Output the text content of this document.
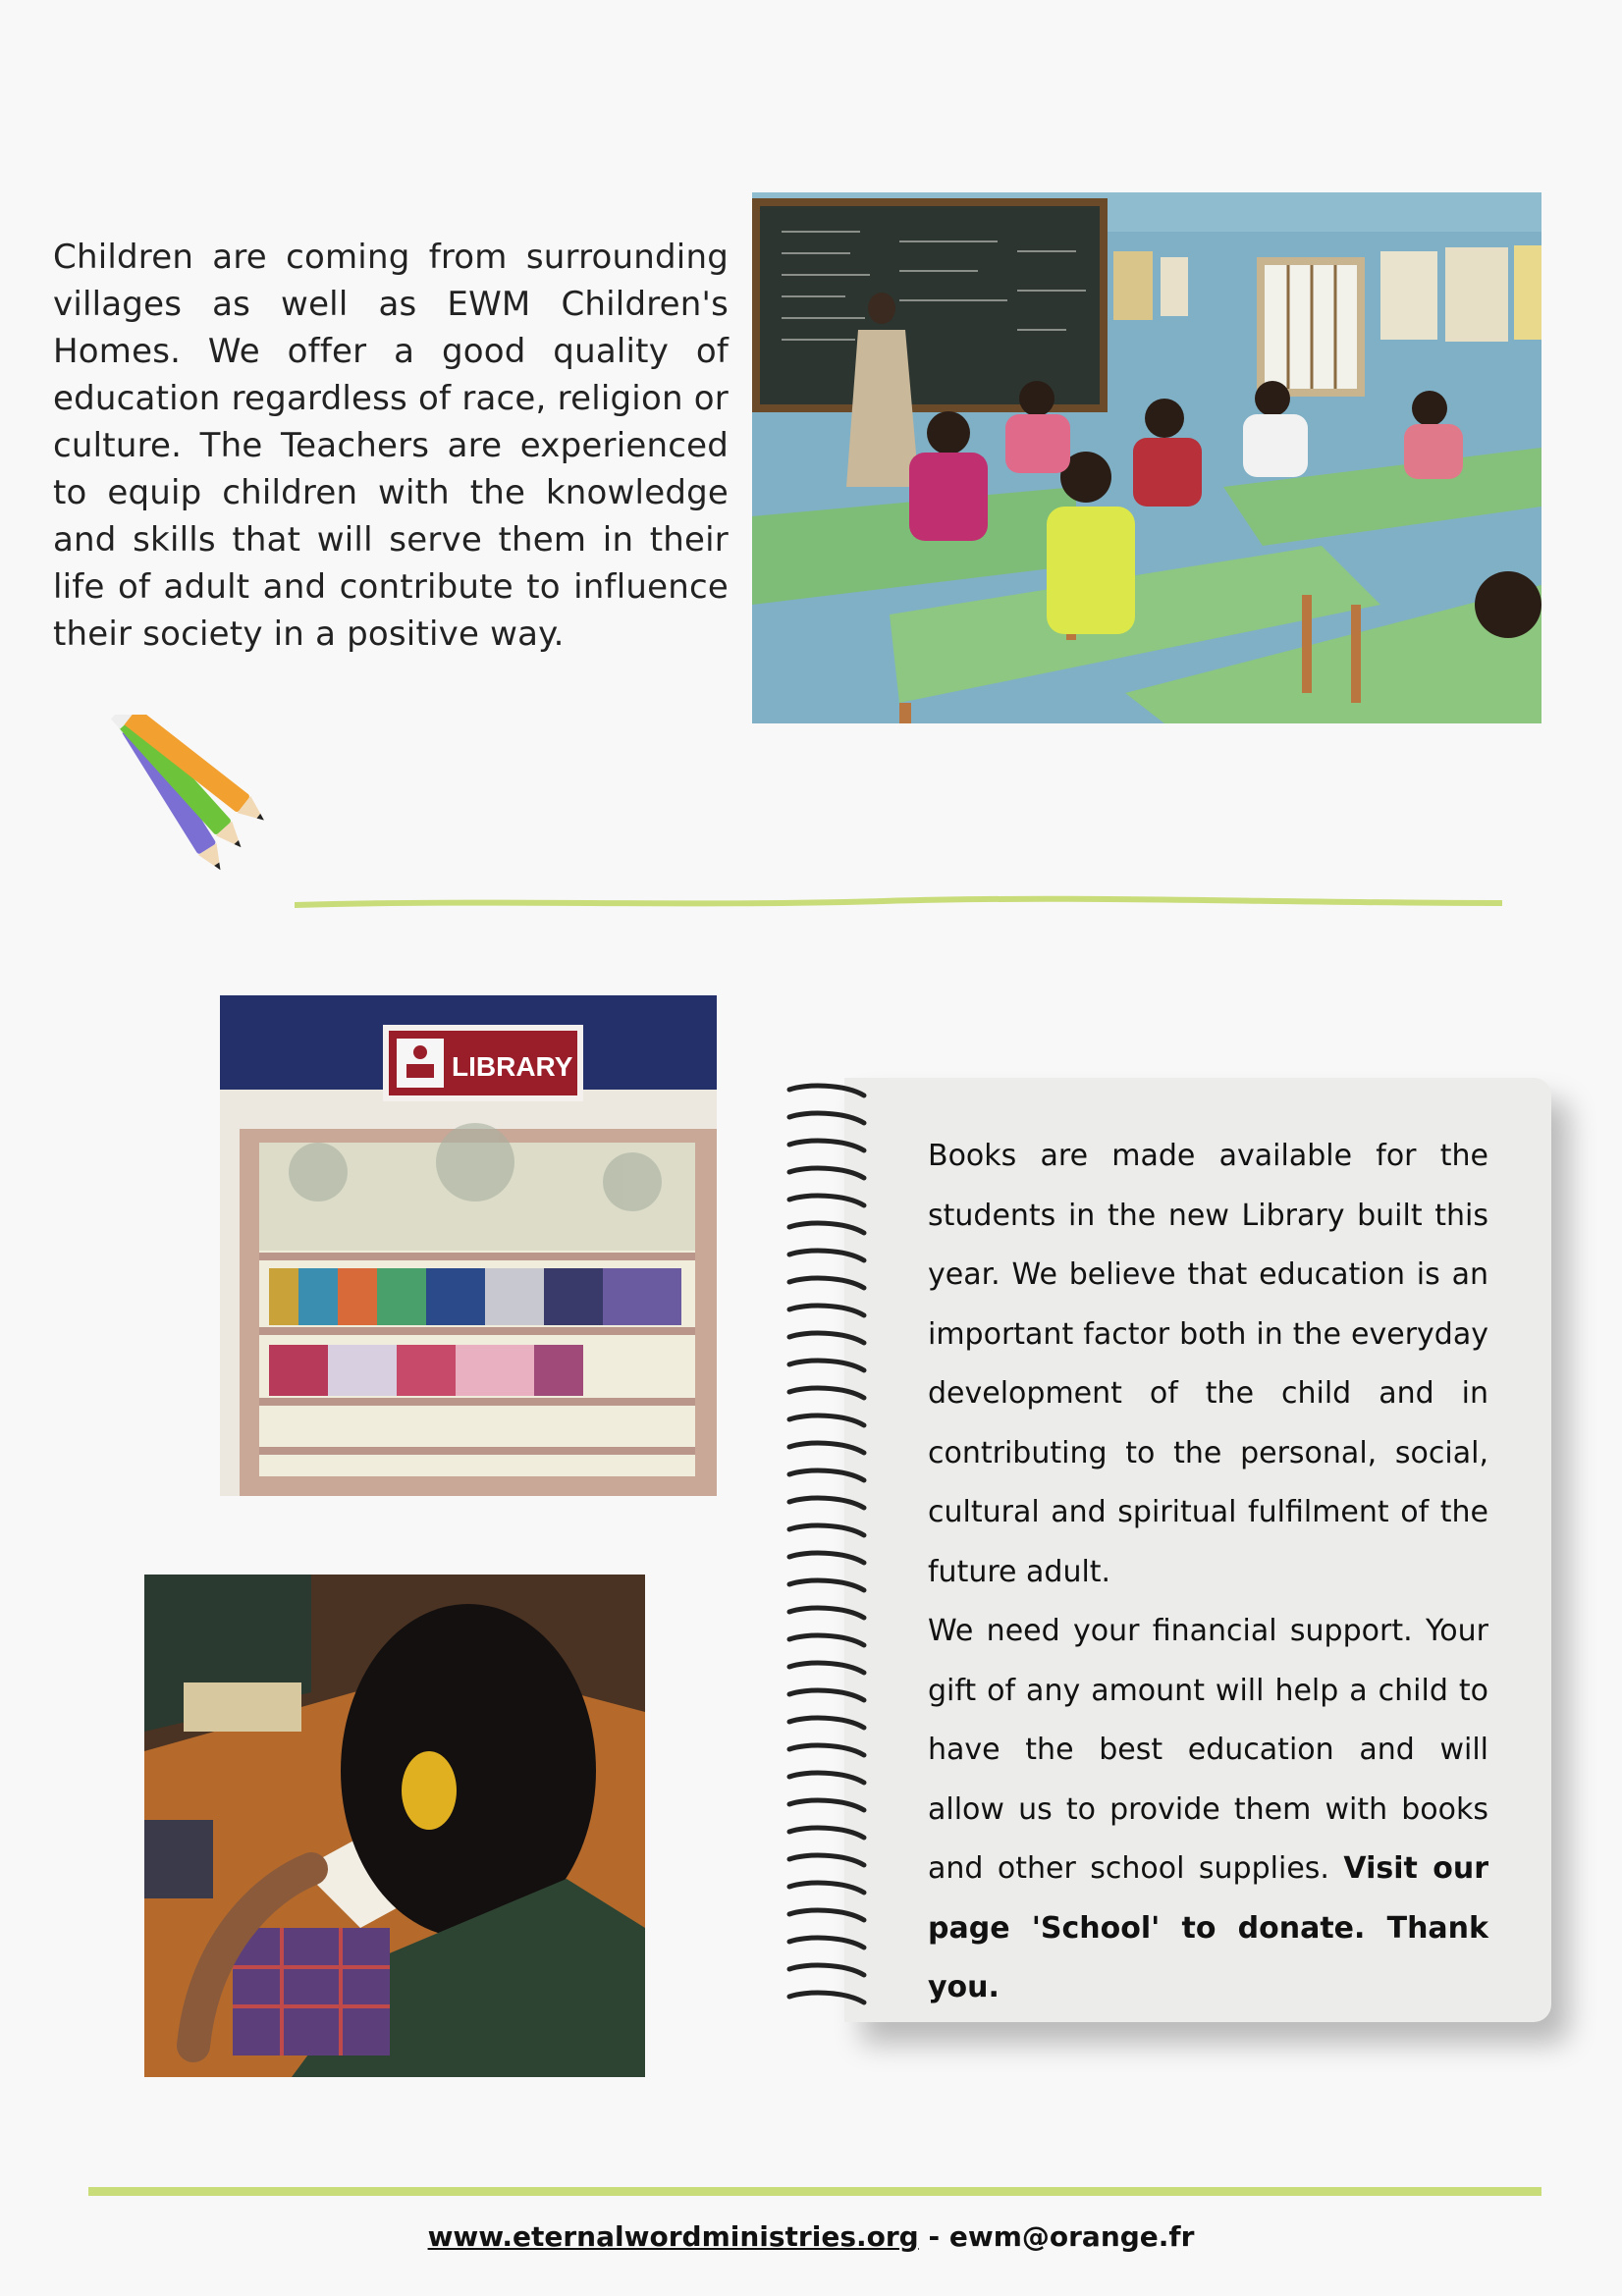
Children are coming from surrounding villages as well as EWM Children's Homes. We offer a good quality of education regardless of race, religion or culture. The Teachers are experienced to equip children with the knowledge and skills that will serve them in their life of adult and contribute to influence their society in a positive way.
LIBRARY

Books are made available for the students in the new Library built this year. We believe that education is an important factor both in the everyday development of the child and in contributing to the personal, social, cultural and spiritual fulfilment of the future adult.

We need your financial support. Your gift of any amount will help a child to have the best education and will allow us to provide them with books and other school supplies. Visit our page 'School' to donate. Thank you.

www.eternalwordministries.org - ewm@orange.fr
